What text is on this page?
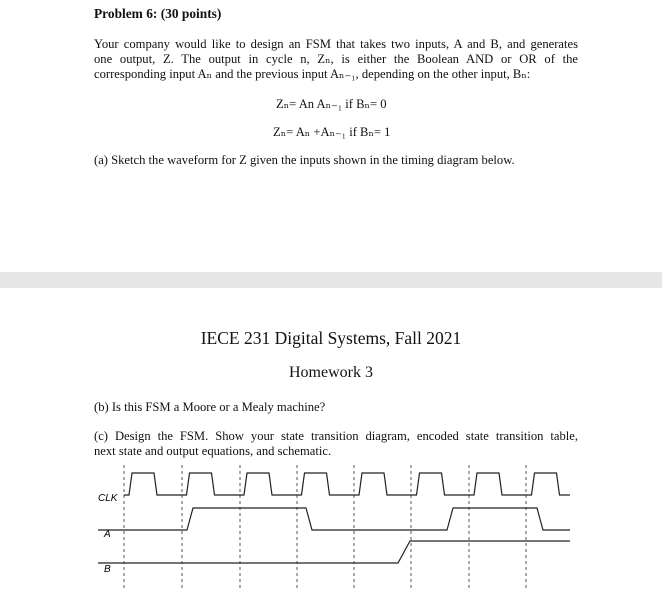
Problem 6: (30 points)
Your company would like to design an FSM that takes two inputs, A and B, and generates
one output, Z. The output in cycle n, Zₙ, is either the Boolean AND or OR of the
corresponding input Aₙ and the previous input Aₙ₋₁, depending on the other input, Bₙ:
Zₙ= An Aₙ₋₁ if Bₙ= 0
Zₙ= Aₙ +Aₙ₋₁ if Bₙ= 1
(a) Sketch the waveform for Z given the inputs shown in the timing diagram below.
IECE 231 Digital Systems, Fall 2021
Homework 3
(b) Is this FSM a Moore or a Mealy machine?
(c) Design the FSM. Show your state transition diagram, encoded state transition table,
next state and output equations, and schematic.
CLK
A
B
